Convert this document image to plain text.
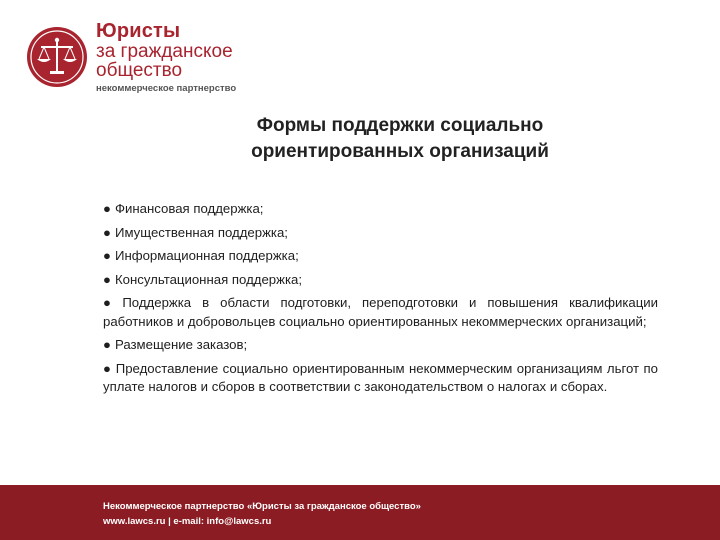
Юристы
за гражданское
общество
некоммерческое партнерство
Формы поддержки социально
ориентированных организаций
● Финансовая поддержка;
● Имущественная поддержка;
● Информационная поддержка;
● Консультационная поддержка;
● Поддержка в области подготовки, переподготовки и повышения квалификации работников и добровольцев социально ориентированных некоммерческих организаций;
● Размещение заказов;
● Предоставление социально ориентированным некоммерческим организациям льгот по уплате налогов и сборов в соответствии с законодательством о налогах и сборах.
Некоммерческое партнерство «Юристы за гражданское общество»
www.lawcs.ru | e-mail: info@lawcs.ru
